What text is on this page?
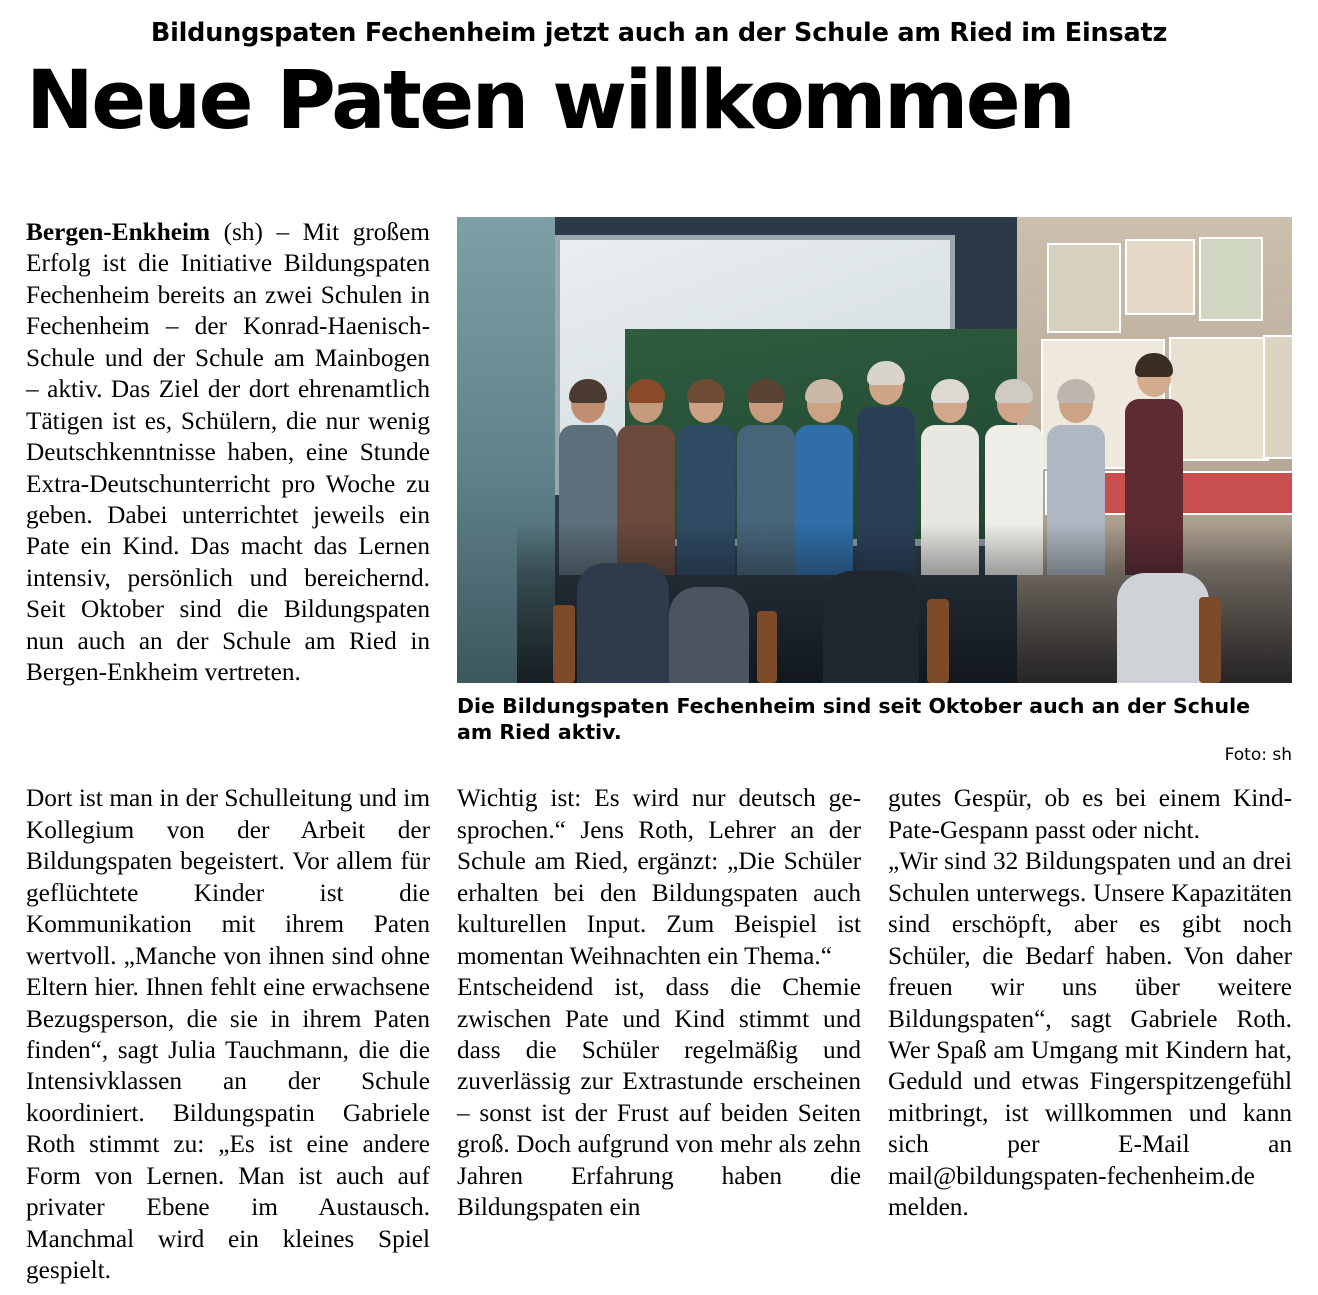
Bildungspaten Fechenheim jetzt auch an der Schule am Ried im Einsatz
Neue Paten willkommen

Bergen-Enkheim (sh) – Mit großem Erfolg ist die Initiative Bildungspaten Fechenheim bereits an zwei Schulen in Fechenheim – der Konrad-Haenisch-Schule und der Schule am Mainbogen – aktiv. Das Ziel der dort ehrenamtlich Tätigen ist es, Schülern, die nur wenig Deutschkenntnisse haben, eine Stunde Extra-Deutschunterricht pro Woche zu geben. Dabei unterrichtet jeweils ein Pate ein Kind. Das macht das Lernen intensiv, persönlich und bereichernd. Seit Oktober sind die Bildungspaten nun auch an der Schule am Ried in Bergen-Enkheim vertreten.

Die Bildungspaten Fechenheim sind seit Oktober auch an der Schule am Ried aktiv.
Foto: sh

Dort ist man in der Schulleitung und im Kollegium von der Arbeit der Bildungspaten begeistert. Vor allem für geflüchtete Kinder ist die Kommunikation mit ihrem Paten wertvoll. „Manche von ihnen sind ohne Eltern hier. Ihnen fehlt eine erwachsene Bezugsperson, die sie in ihrem Paten finden“, sagt Julia Tauchmann, die die Intensivklassen an der Schule koordiniert. Bildungspatin Gabriele Roth stimmt zu: „Es ist eine andere Form von Lernen. Man ist auch auf privater Ebene im Austausch. Manchmal wird ein kleines Spiel gespielt.

Wichtig ist: Es wird nur deutsch gesprochen.“ Jens Roth, Lehrer an der Schule am Ried, ergänzt: „Die Schüler erhalten bei den Bildungspaten auch kulturellen Input. Zum Beispiel ist momentan Weihnachten ein Thema.“

Entscheidend ist, dass die Chemie zwischen Pate und Kind stimmt und dass die Schüler regelmäßig und zuverlässig zur Extrastunde erscheinen – sonst ist der Frust auf beiden Seiten groß. Doch aufgrund von mehr als zehn Jahren Erfahrung haben die Bildungspaten ein

gutes Gespür, ob es bei einem Kind-Pate-Gespann passt oder nicht.

„Wir sind 32 Bildungspaten und an drei Schulen unterwegs. Unsere Kapazitäten sind erschöpft, aber es gibt noch Schüler, die Bedarf haben. Von daher freuen wir uns über weitere Bildungspaten“, sagt Gabriele Roth. Wer Spaß am Umgang mit Kindern hat, Geduld und etwas Fingerspitzengefühl mitbringt, ist willkommen und kann sich per E-Mail an mail@bildungspaten-fechenheim.de melden.
